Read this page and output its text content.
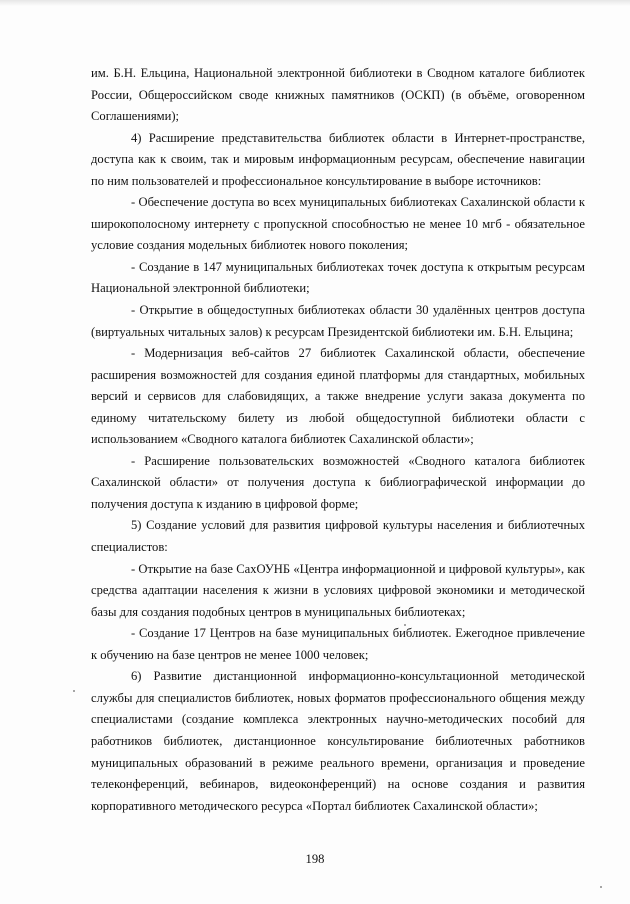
им. Б.Н. Ельцина, Национальной электронной библиотеки в Сводном каталоге библиотек России, Общероссийском своде книжных памятников (ОСКП) (в объёме, оговоренном Соглашениями);

4) Расширение представительства библиотек области в Интернет-пространстве, доступа как к своим, так и мировым информационным ресурсам, обеспечение навигации по ним пользователей и профессиональное консультирование в выборе источников:

- Обеспечение доступа во всех муниципальных библиотеках Сахалинской области к широкополосному интернету с пропускной способностью не менее 10 мгб - обязательное условие создания модельных библиотек нового поколения;

- Создание в 147 муниципальных библиотеках точек доступа к открытым ресурсам Национальной электронной библиотеки;

- Открытие в общедоступных библиотеках области 30 удалённых центров доступа (виртуальных читальных залов) к ресурсам Президентской библиотеки им. Б.Н. Ельцина;

- Модернизация веб-сайтов 27 библиотек Сахалинской области, обеспечение расширения возможностей для создания единой платформы для стандартных, мобильных версий и сервисов для слабовидящих, а также внедрение услуги заказа документа по единому читательскому билету из любой общедоступной библиотеки области с использованием «Сводного каталога библиотек Сахалинской области»;

- Расширение пользовательских возможностей «Сводного каталога библиотек Сахалинской области» от получения доступа к библиографической информации до получения доступа к изданию в цифровой форме;

5) Создание условий для развития цифровой культуры населения и библиотечных специалистов:

- Открытие на базе СахОУНБ «Центра информационной и цифровой культуры», как средства адаптации населения к жизни в условиях цифровой экономики и методической базы для создания подобных центров в муниципальных библиотеках;

- Создание 17 Центров на базе муниципальных библиотек. Ежегодное привлечение к обучению на базе центров не менее 1000 человек;

6) Развитие дистанционной информационно-консультационной методической службы для специалистов библиотек, новых форматов профессионального общения между специалистами (создание комплекса электронных научно-методических пособий для работников библиотек, дистанционное консультирование библиотечных работников муниципальных образований в режиме реального времени, организация и проведение телеконференций, вебинаров, видеоконференций) на основе создания и развития корпоративного методического ресурса «Портал библиотек Сахалинской области»;

198
